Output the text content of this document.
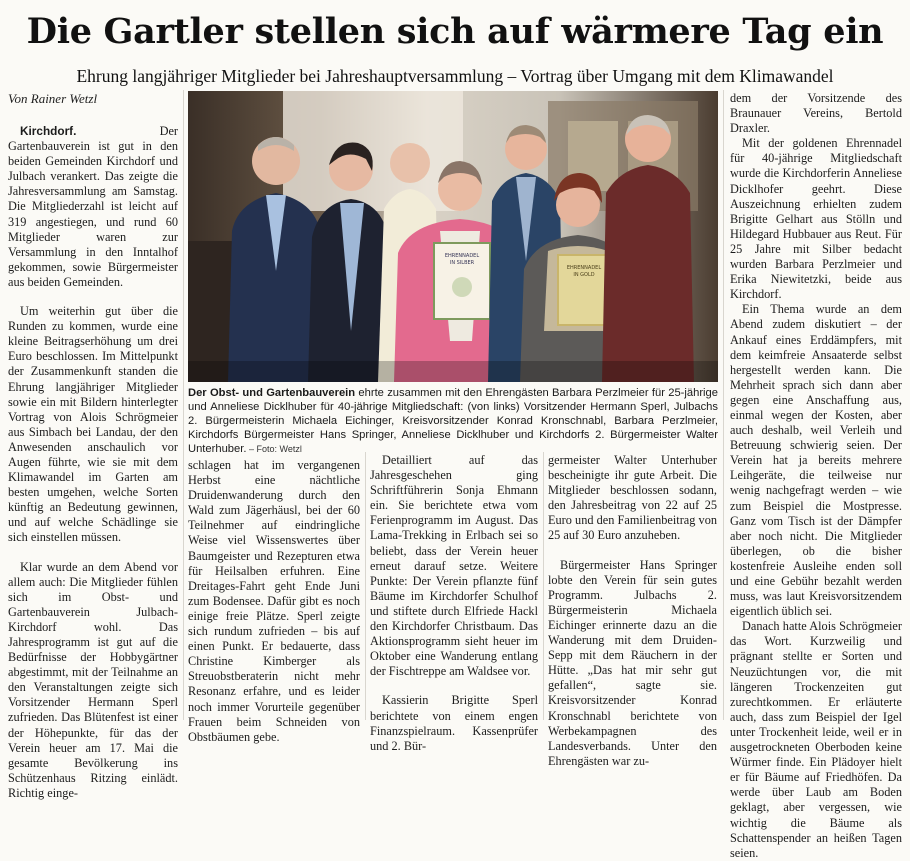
Die Gartler stellen sich auf wärmere Tag ein
Ehrung langjähriger Mitglieder bei Jahreshauptversammlung – Vortrag über Umgang mit dem Klimawandel
Von Rainer Wetzl

Kirchdorf.	Der Gartenbauverein ist gut in den beiden Gemeinden Kirchdorf und Julbach verankert. Das zeigte die Jahresversammlung am Samstag. Die Mitgliederzahl ist leicht auf 319 angestiegen, und rund 60 Mitglieder waren zur Versammlung in den Inntalhof gekommen, sowie Bürgermeister aus beiden Gemeinden.

Um weiterhin gut über die Runden zu kommen, wurde eine kleine Beitragserhöhung um drei Euro beschlossen. Im Mittelpunkt der Zusammenkunft standen die Ehrung langjähriger Mitglieder sowie ein mit Bildern hinterlegter Vortrag von Alois Schrögmeier aus Simbach bei Landau, der den Anwesenden anschaulich vor Augen führte, wie sie mit dem Klimawandel im Garten am besten umgehen, welche Sorten künftig an Bedeutung gewinnen, und auf welche Schädlinge sie sich einstellen müssen.

Klar wurde an dem Abend vor allem auch: Die Mitglieder fühlen sich im Obst- und Gartenbauverein Julbach-Kirchdorf wohl. Das Jahresprogramm ist gut auf die Bedürfnisse der Hobbygärtner abgestimmt, mit der Teilnahme an den Veranstaltungen zeigte sich Vorsitzender Hermann Sperl zufrieden. Das Blütenfest ist einer der Höhepunkte, für das der Verein heuer am 17. Mai die gesamte Bevölkerung ins Schützenhaus Ritzing einlädt. Richtig einge-

EHRENNADEL
IN SILBER
EHRENNADEL
IN GOLD
Der Obst- und Gartenbauverein ehrte zusammen mit den Ehrengästen Barbara Perzlmeier für 25-jährige und Anneliese Dicklhuber für 40-jährige Mitgliedschaft: (von links) Vorsitzender Hermann Sperl, Julbachs 2. Bürgermeisterin Michaela Eichinger, Kreisvorsitzender Konrad Kronschnabl, Barbara Perzlmeier, Kirchdorfs Bürgermeister Hans Springer, Anneliese Dicklhuber und Kirchdorfs 2. Bürgermeister Walter Unterhuber. – Foto: Wetzl

schlagen hat im vergangenen Herbst eine nächtliche Druidenwanderung durch den Wald zum Jägerhäusl, bei der 60 Teilnehmer auf eindringliche Weise viel Wissenswertes über Baumgeister und Rezepturen etwa für Heilsalben erfuhren. Eine Dreitages-Fahrt geht Ende Juni zum Bodensee. Dafür gibt es noch einige freie Plätze. Sperl zeigte sich rundum zufrieden – bis auf einen Punkt. Er bedauerte, dass Christine Kimberger als Streuobstberaterin nicht mehr Resonanz erfahre, und es leider noch immer Vorurteile gegenüber Frauen beim Schneiden von Obstbäumen gebe.

Detailliert auf das Jahresgeschehen ging Schriftführerin Sonja Ehmann ein. Sie berichtete etwa vom Ferienprogramm im August. Das Lama-Trekking in Erlbach sei so beliebt, dass der Verein heuer erneut darauf setze. Weitere Punkte: Der Verein pflanzte fünf Bäume im Kirchdorfer Schulhof und stiftete durch Elfriede Hackl den Kirchdorfer Christbaum. Das Aktionsprogramm sieht heuer im Oktober eine Wanderung entlang der Fischtreppe am Waldsee vor.

Kassierin Brigitte Sperl berichtete von einem engen Finanzspielraum. Kassenprüfer und 2. Bür-

germeister Walter Unterhuber bescheinigte ihr gute Arbeit. Die Mitglieder beschlossen sodann, den Jahresbeitrag von 22 auf 25 Euro und den Familienbeitrag von 25 auf 30 Euro anzuheben.

Bürgermeister Hans Springer lobte den Verein für sein gutes Programm. Julbachs 2. Bürgermeisterin Michaela Eichinger erinnerte dazu an die Wanderung mit dem Druiden-Sepp mit dem Räuchern in der Hütte. „Das hat mir sehr gut gefallen“, sagte sie. Kreisvorsitzender Konrad Kronschnabl berichtete von Werbekampagnen des Landesverbands. Unter den Ehrengästen war zu-

dem der Vorsitzende des Braunauer Vereins, Bertold Draxler.

Mit der goldenen Ehrennadel für 40-jährige Mitgliedschaft wurde die Kirchdorferin Anneliese Dicklhofer geehrt. Diese Auszeichnung erhielten zudem Brigitte Gelhart aus Stölln und Hildegard Hubbauer aus Reut. Für 25 Jahre mit Silber bedacht wurden Barbara Perzlmeier und Erika Niewitetzki, beide aus Kirchdorf.

Ein Thema wurde an dem Abend zudem diskutiert – der Ankauf eines Erddämpfers, mit dem keimfreie Ansaaterde selbst hergestellt werden kann. Die Mehrheit sprach sich dann aber gegen eine Anschaffung aus, einmal wegen der Kosten, aber auch deshalb, weil Verleih und Betreuung schwierig seien. Der Verein hat ja bereits mehrere Leihgeräte, die teilweise nur wenig nachgefragt werden – wie zum Beispiel die Mostpresse. Ganz vom Tisch ist der Dämpfer aber noch nicht. Die Mitglieder überlegen, ob die bisher kostenfreie Ausleihe enden soll und eine Gebühr bezahlt werden muss, was laut Kreisvorsitzendem eigentlich üblich sei.

Danach hatte Alois Schrögmeier das Wort. Kurzweilig und prägnant stellte er Sorten und Neuzüchtungen vor, die mit längeren Trockenzeiten gut zurechtkommen. Er erläuterte auch, dass zum Beispiel der Igel unter Trockenheit leide, weil er in ausgetrockneten Oberboden keine Würmer finde. Ein Plädoyer hielt er für Bäume auf Friedhöfen. Da werde über Laub am Boden geklagt, aber vergessen, wie wichtig die Bäume als Schattenspender an heißen Tagen seien.
